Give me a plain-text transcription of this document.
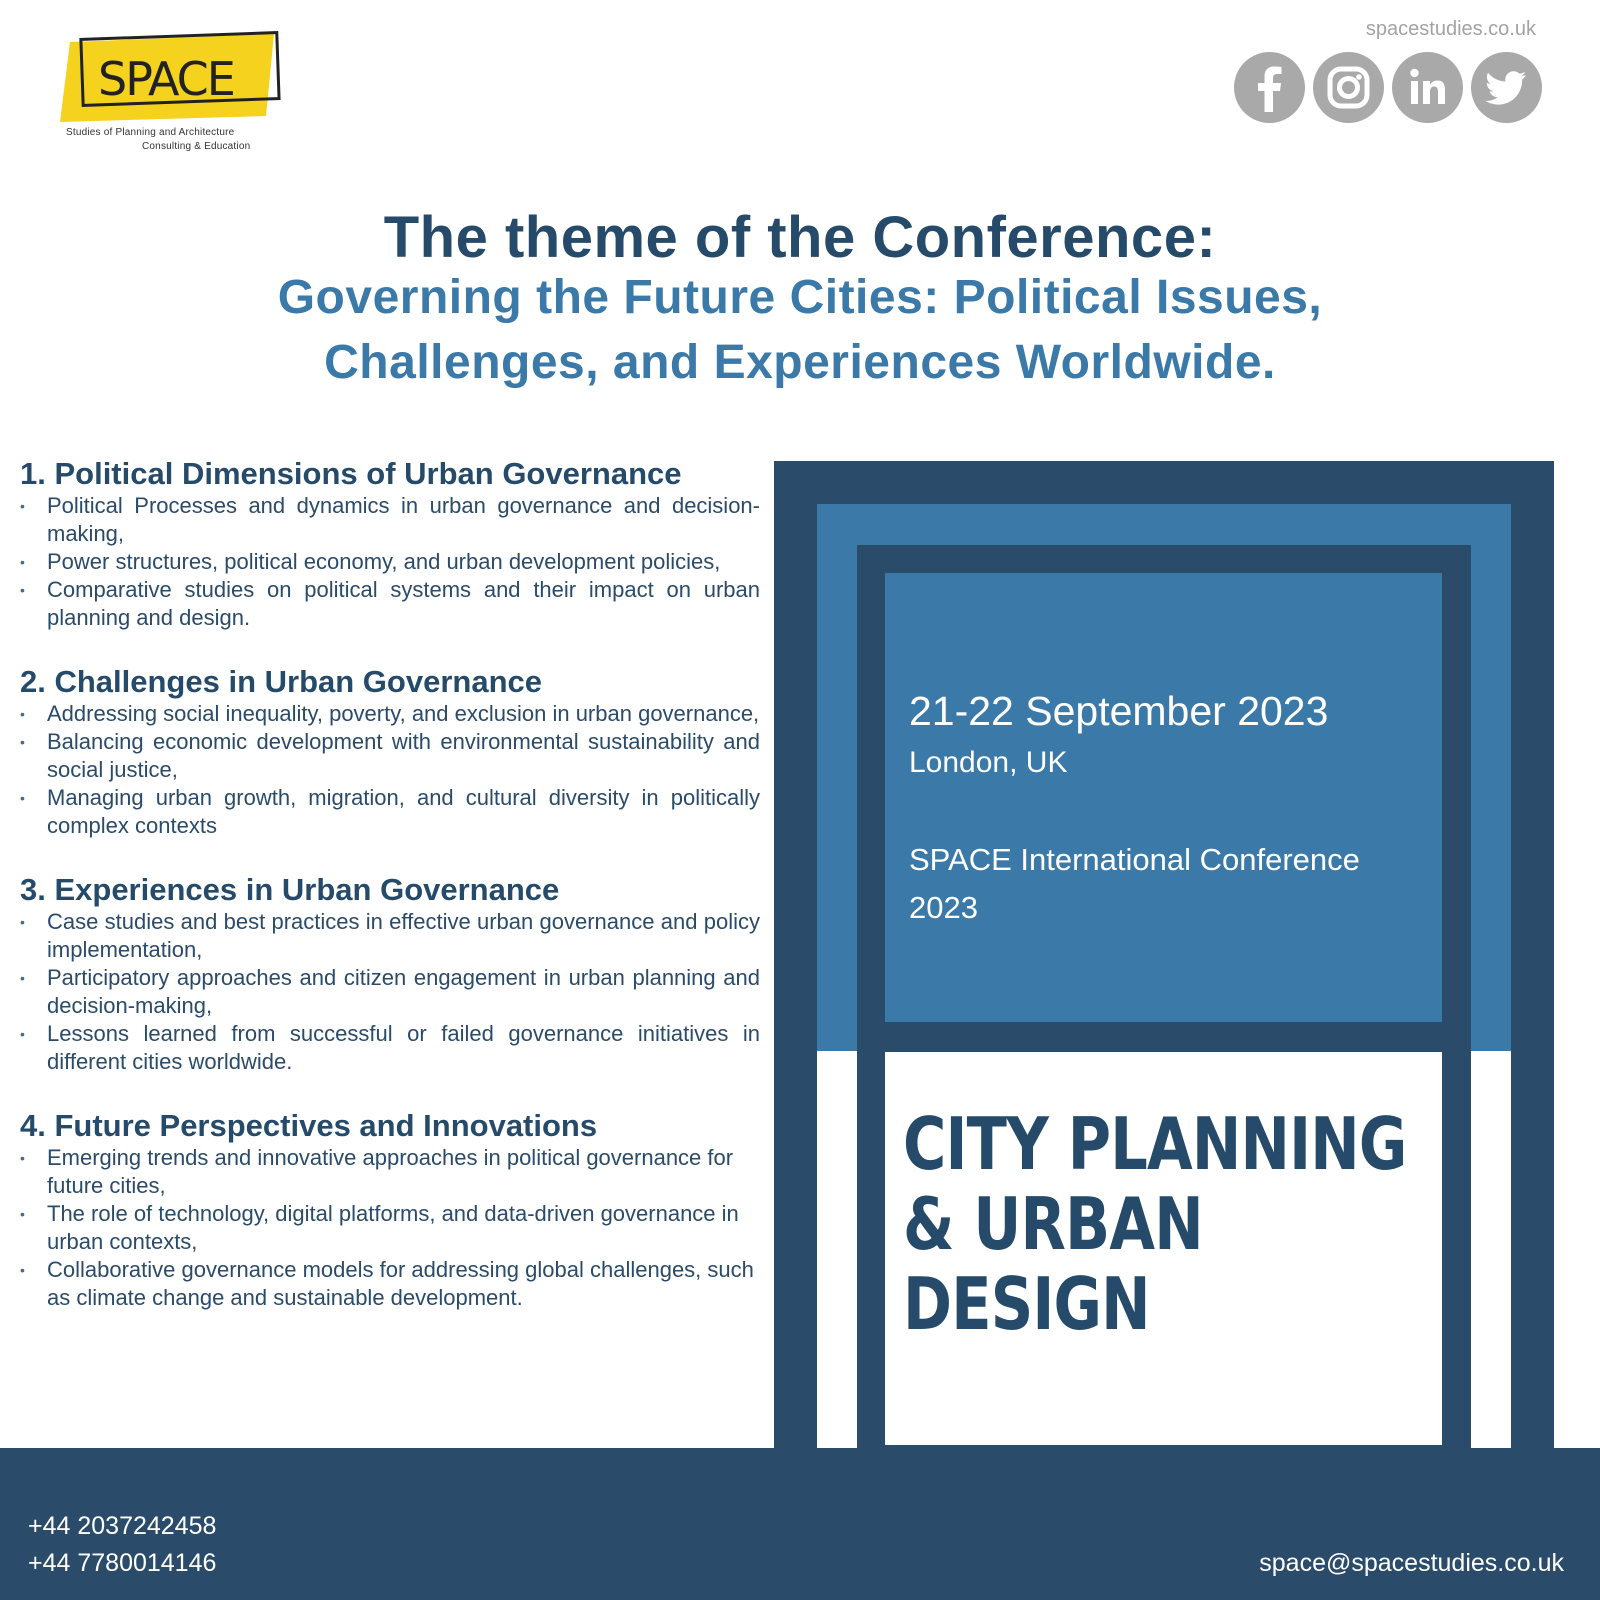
SPACE
Studies of Planning and Architecture
Consulting & Education
spacestudies.co.uk
The theme of the Conference:
Governing the Future Cities: Political Issues,
Challenges, and Experiences Worldwide.
1. Political Dimensions of Urban Governance
• Political Processes and dynamics in urban governance and decision-making,
• Power structures, political economy, and urban development policies,
• Comparative studies on political systems and their impact on urban planning and design.
2. Challenges in Urban Governance
• Addressing social inequality, poverty, and exclusion in urban governance,
• Balancing economic development with environmental sustainability and social justice,
• Managing urban growth, migration, and cultural diversity in politically complex contexts
3. Experiences in Urban Governance
• Case studies and best practices in effective urban governance and policy implementation,
• Participatory approaches and citizen engagement in urban planning and decision-making,
• Lessons learned from successful or failed governance initiatives in different cities worldwide.
4. Future Perspectives and Innovations
• Emerging trends and innovative approaches in political governance for future cities,
• The role of technology, digital platforms, and data-driven governance in urban contexts,
• Collaborative governance models for addressing global challenges, such as climate change and sustainable development.
21-22 September 2023
London, UK
SPACE International Conference 2023
CITY PLANNING
& URBAN
DESIGN
+44 2037242458
+44 7780014146	space@spacestudies.co.uk
